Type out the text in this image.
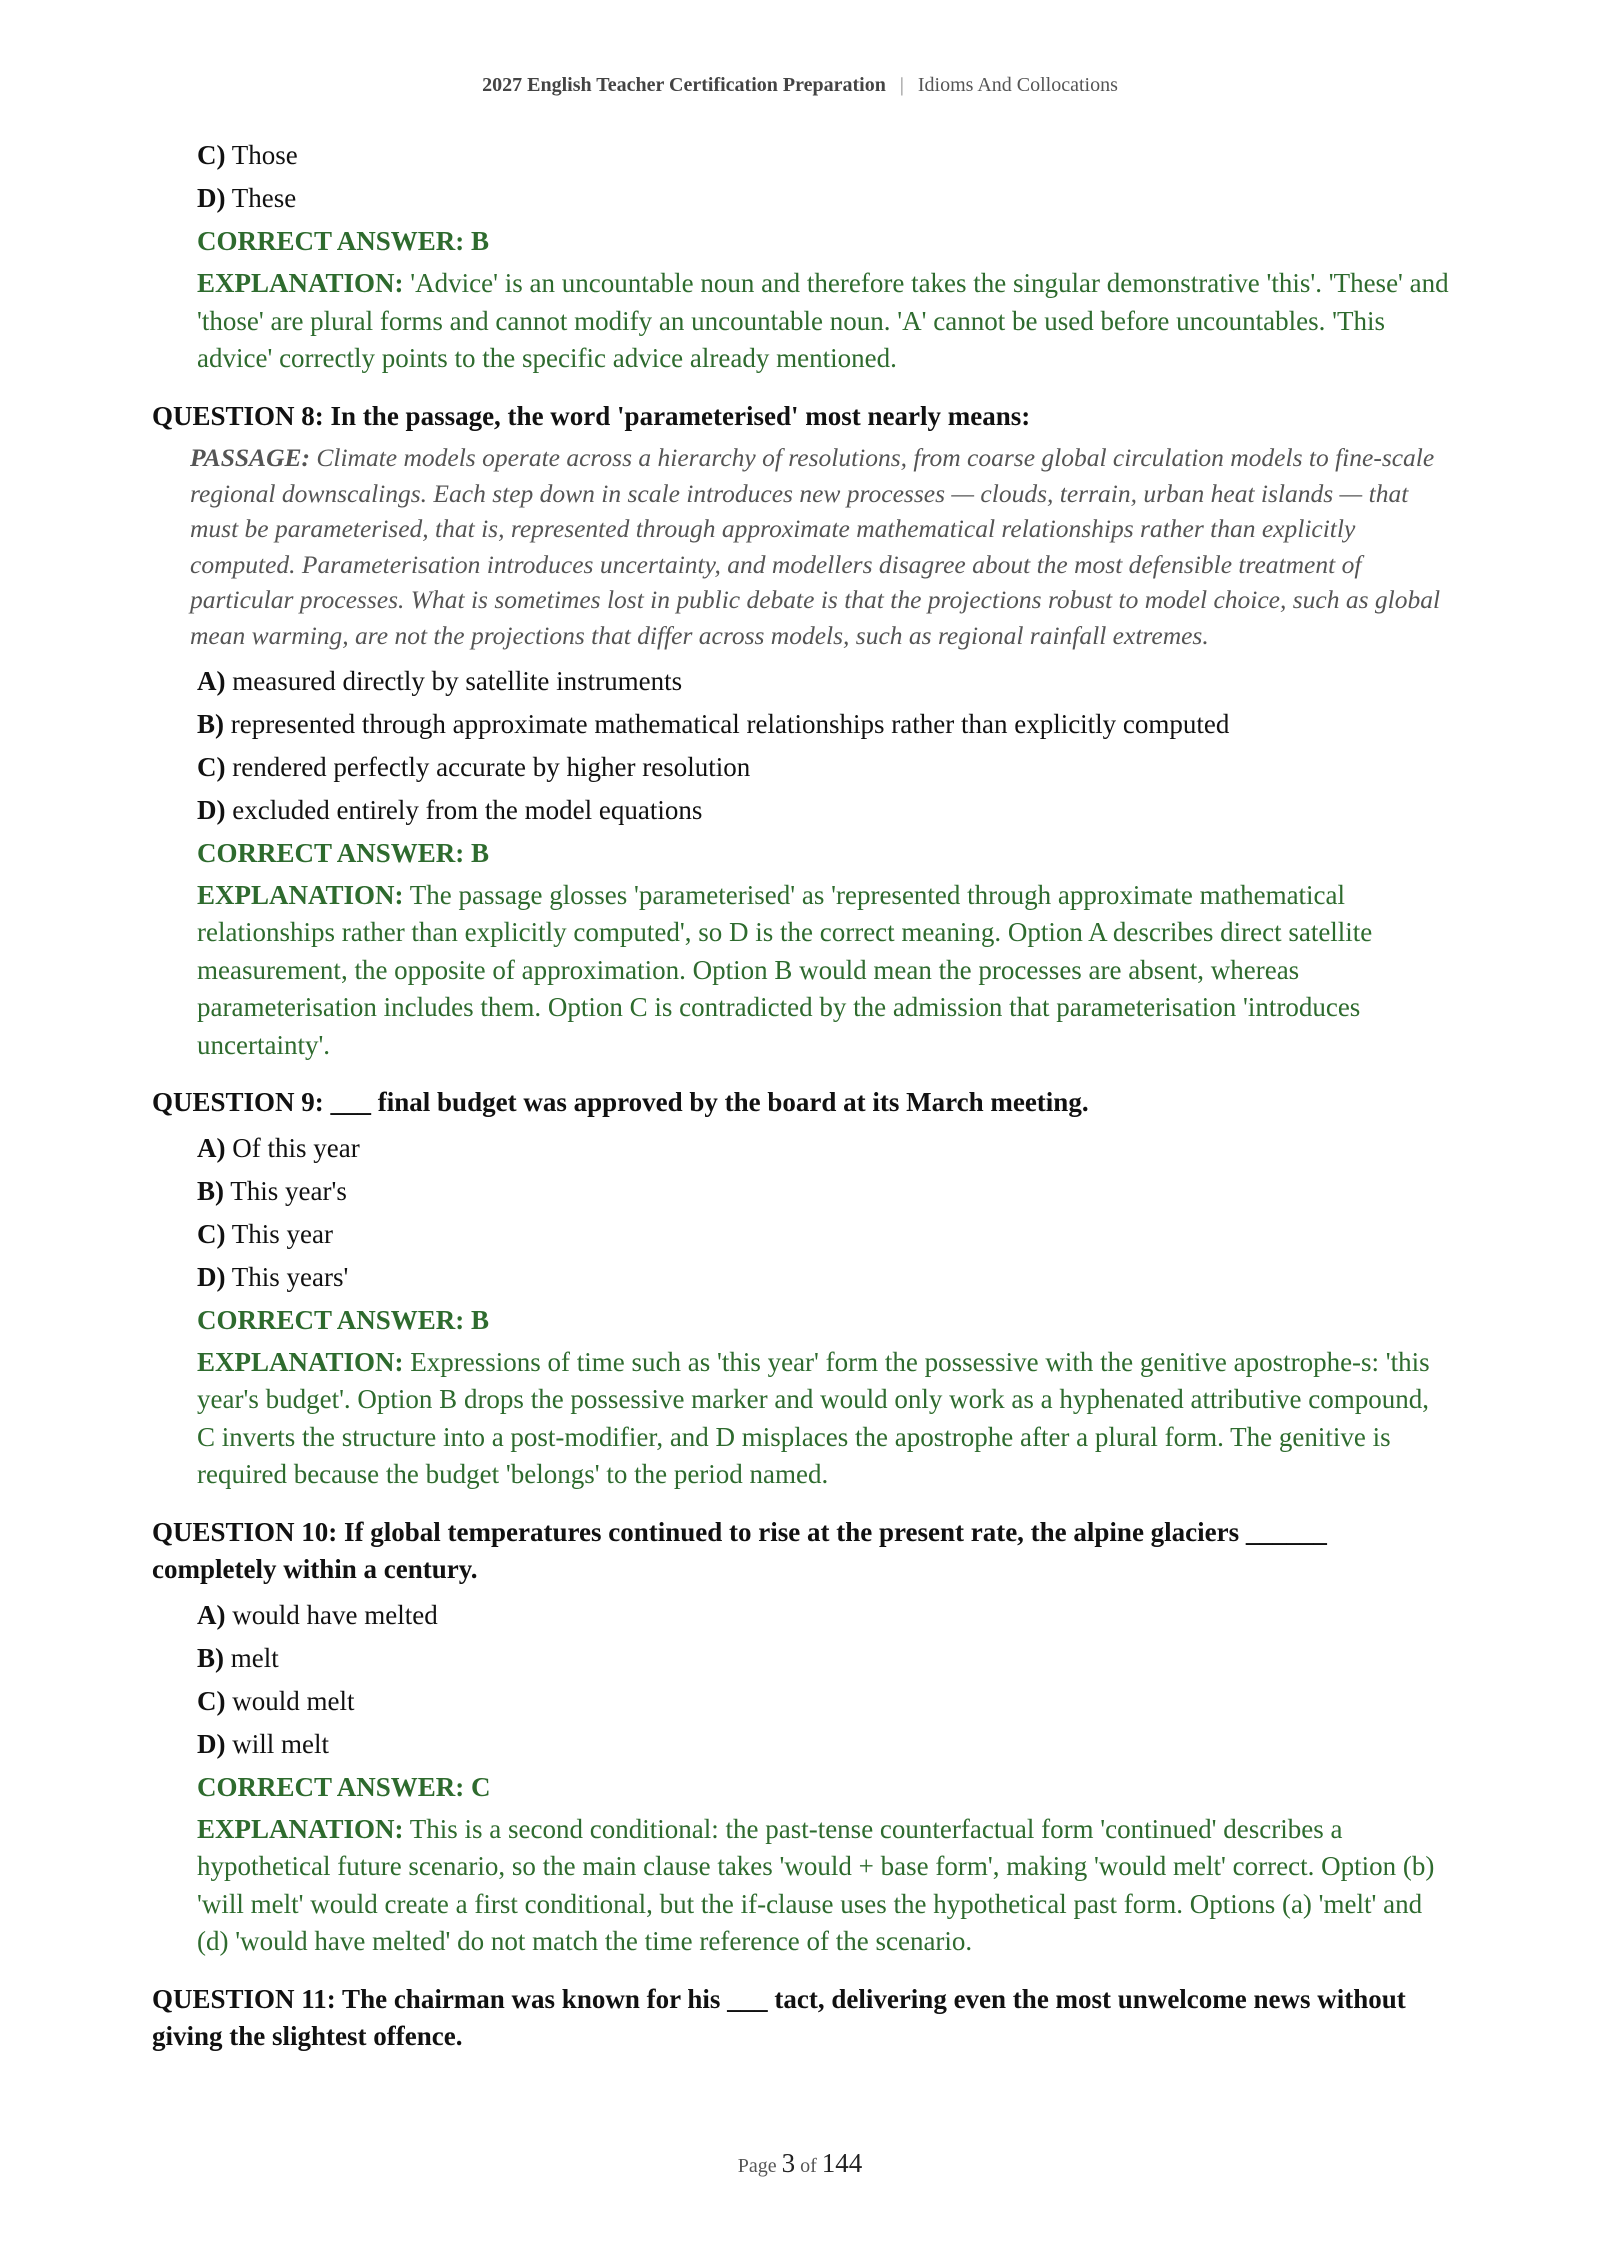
2027 English Teacher Certification Preparation | Idioms And Collocations
C) Those
D) These
CORRECT ANSWER: B
EXPLANATION: 'Advice' is an uncountable noun and therefore takes the singular demonstrative 'this'. 'These' and 'those' are plural forms and cannot modify an uncountable noun. 'A' cannot be used before uncountables. 'This advice' correctly points to the specific advice already mentioned.
QUESTION 8: In the passage, the word 'parameterised' most nearly means:
PASSAGE: Climate models operate across a hierarchy of resolutions, from coarse global circulation models to fine-scale regional downscalings. Each step down in scale introduces new processes — clouds, terrain, urban heat islands — that must be parameterised, that is, represented through approximate mathematical relationships rather than explicitly computed. Parameterisation introduces uncertainty, and modellers disagree about the most defensible treatment of particular processes. What is sometimes lost in public debate is that the projections robust to model choice, such as global mean warming, are not the projections that differ across models, such as regional rainfall extremes.
A) measured directly by satellite instruments
B) represented through approximate mathematical relationships rather than explicitly computed
C) rendered perfectly accurate by higher resolution
D) excluded entirely from the model equations
CORRECT ANSWER: B
EXPLANATION: The passage glosses 'parameterised' as 'represented through approximate mathematical relationships rather than explicitly computed', so D is the correct meaning. Option A describes direct satellite measurement, the opposite of approximation. Option B would mean the processes are absent, whereas parameterisation includes them. Option C is contradicted by the admission that parameterisation 'introduces uncertainty'.
QUESTION 9: ___ final budget was approved by the board at its March meeting.
A) Of this year
B) This year's
C) This year
D) This years'
CORRECT ANSWER: B
EXPLANATION: Expressions of time such as 'this year' form the possessive with the genitive apostrophe-s: 'this year's budget'. Option B drops the possessive marker and would only work as a hyphenated attributive compound, C inverts the structure into a post-modifier, and D misplaces the apostrophe after a plural form. The genitive is required because the budget 'belongs' to the period named.
QUESTION 10: If global temperatures continued to rise at the present rate, the alpine glaciers ______ completely within a century.
A) would have melted
B) melt
C) would melt
D) will melt
CORRECT ANSWER: C
EXPLANATION: This is a second conditional: the past-tense counterfactual form 'continued' describes a hypothetical future scenario, so the main clause takes 'would + base form', making 'would melt' correct. Option (b) 'will melt' would create a first conditional, but the if-clause uses the hypothetical past form. Options (a) 'melt' and (d) 'would have melted' do not match the time reference of the scenario.
QUESTION 11: The chairman was known for his ___ tact, delivering even the most unwelcome news without giving the slightest offence.
Page 3 of 144
